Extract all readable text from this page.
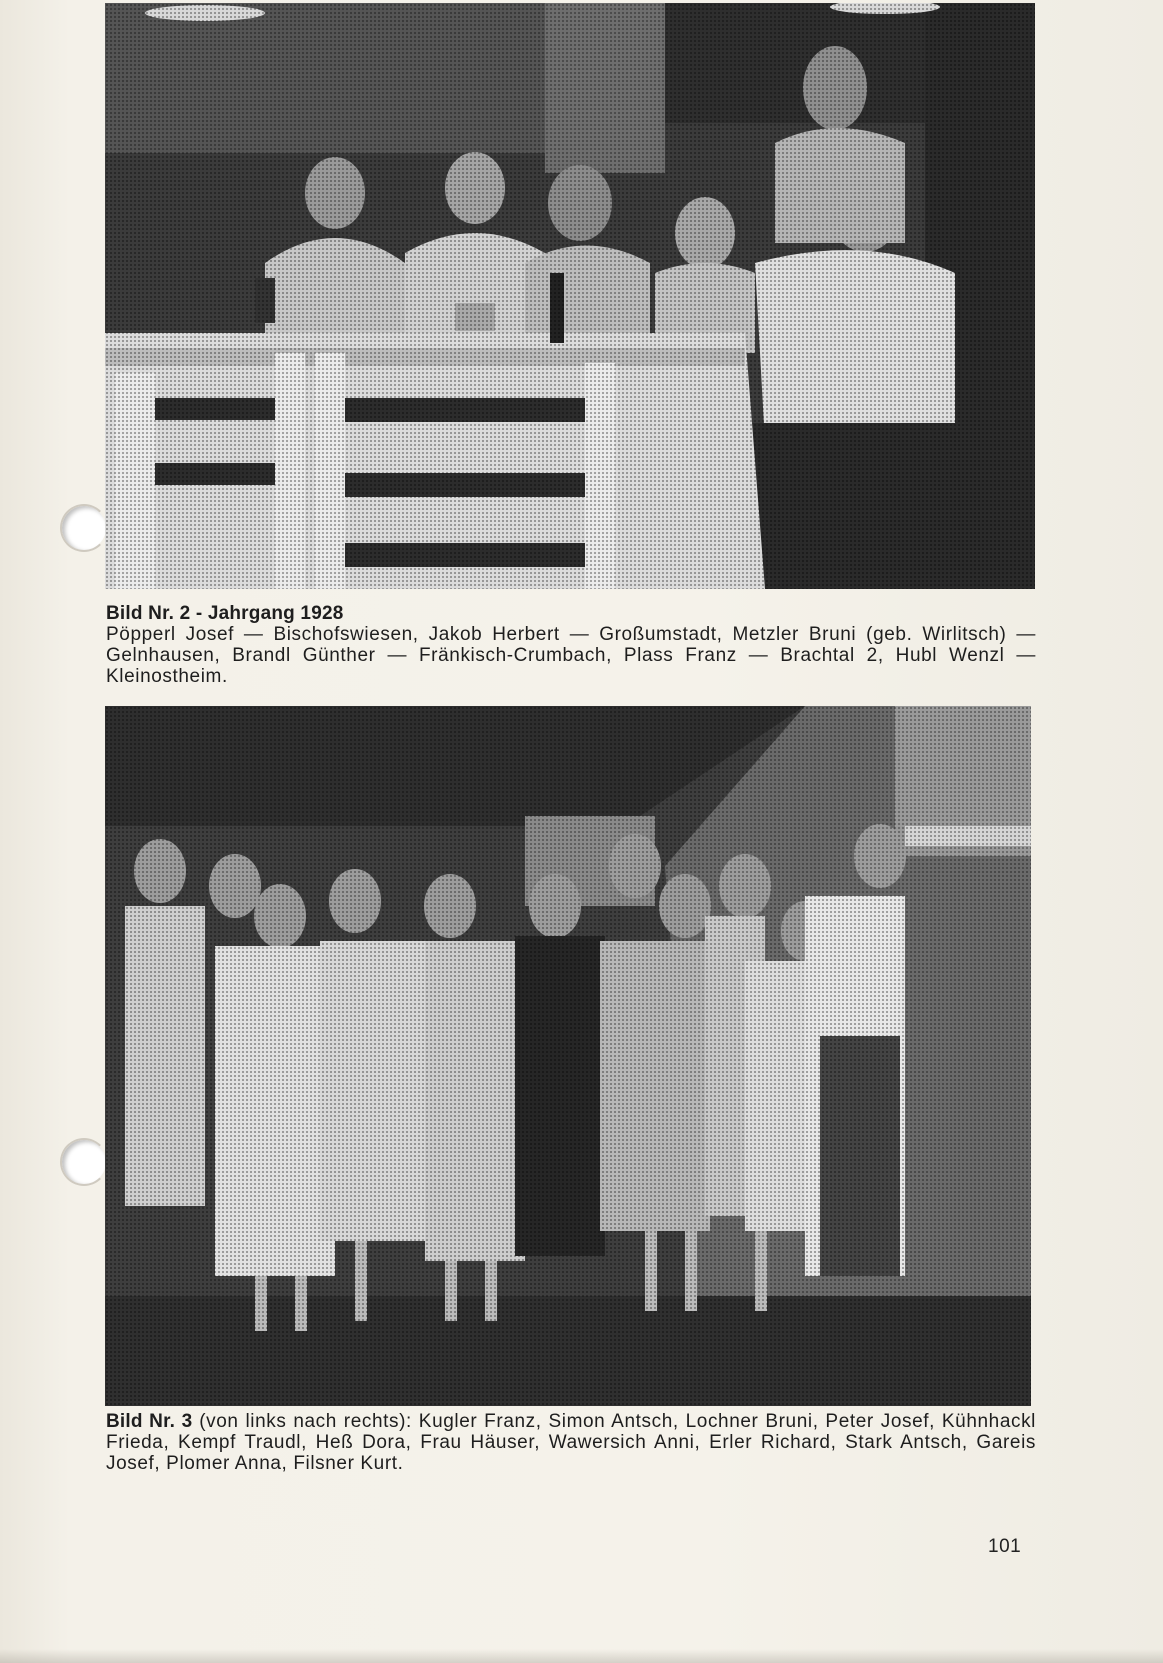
Bild Nr. 2 - Jahrgang 1928
Pöpperl Josef — Bischofswiesen, Jakob Herbert — Großumstadt, Metzler Bruni (geb. Wirlitsch) — Gelnhausen, Brandl Günther — Fränkisch-Crumbach, Plass Franz — Brachtal 2, Hubl Wenzl — Kleinostheim.
Bild Nr. 3 (von links nach rechts): Kugler Franz, Simon Antsch, Lochner Bruni, Peter Josef, Kühnhackl Frieda, Kempf Traudl, Heß Dora, Frau Häuser, Wawersich Anni, Erler Richard, Stark Antsch, Gareis Josef, Plomer Anna, Filsner Kurt.
101
